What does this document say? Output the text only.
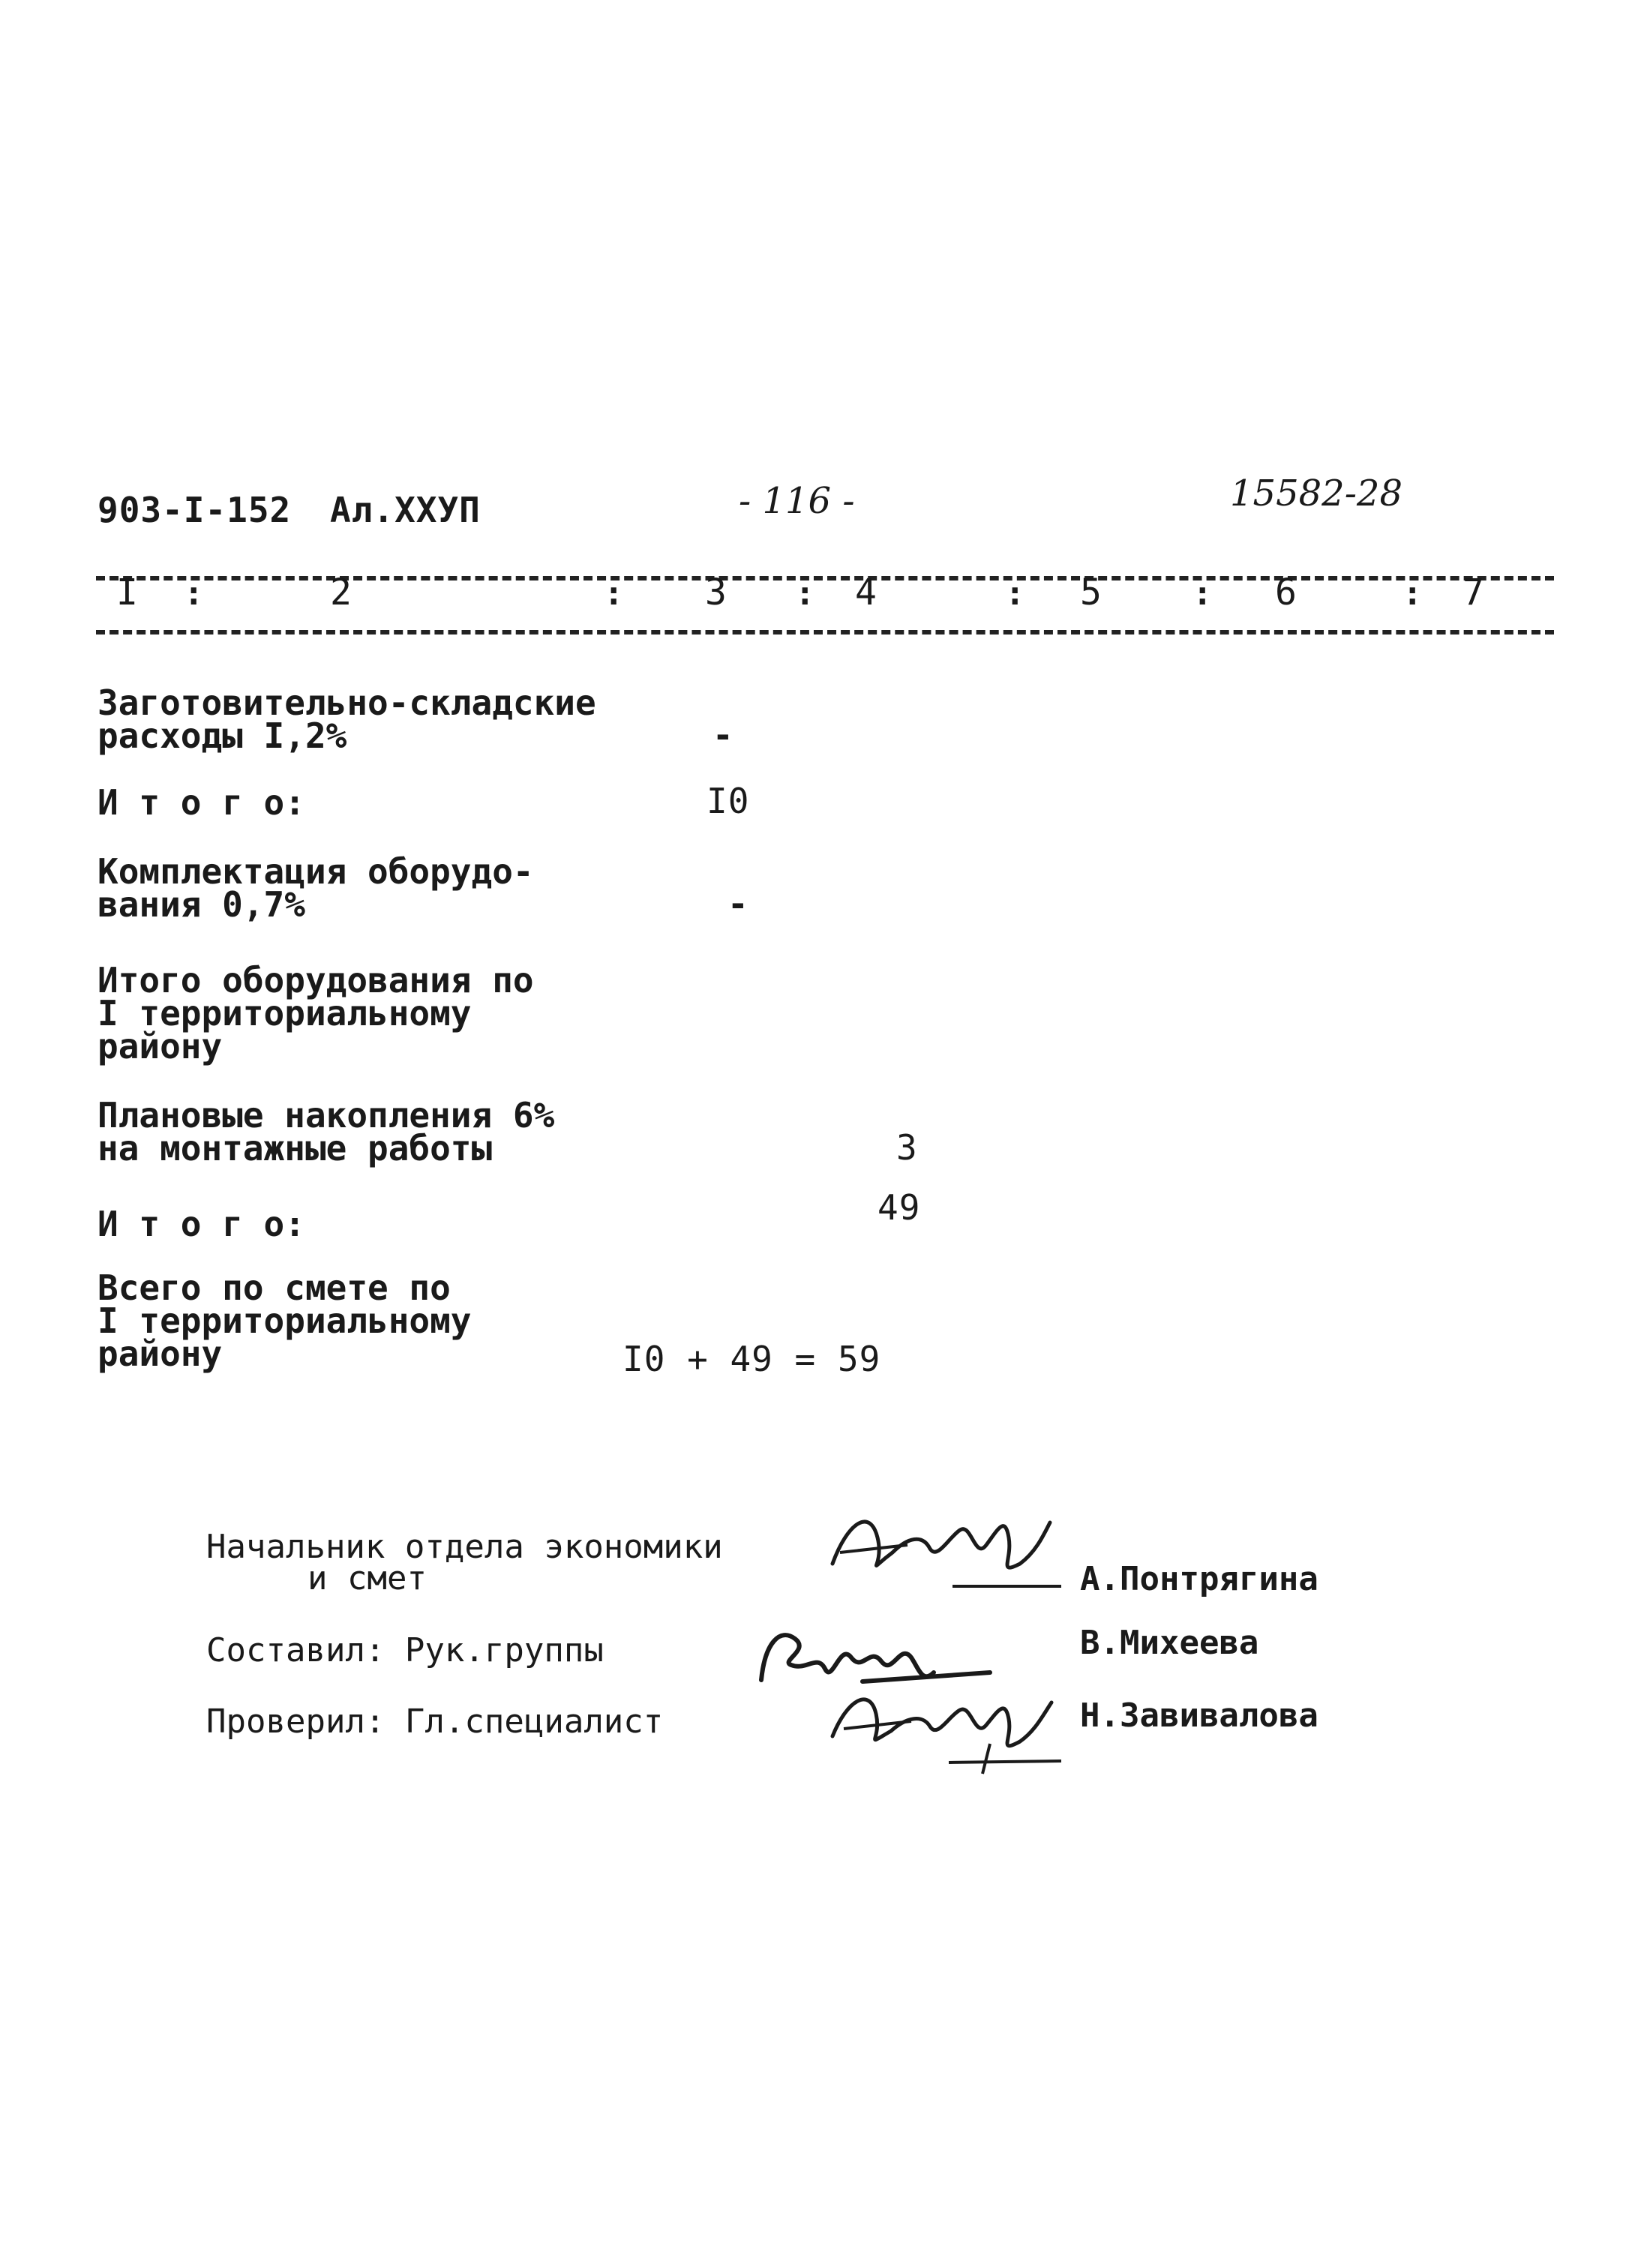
903-I-152 Ал.XXУП	- 116 -	15582-28
I :	2	: 3 : 4	: 5	: 6	: 7
Заготовительно-складские
расходы I,2%	-
И т о г о:	I0
Комплектация оборудо-
вания 0,7%	-
Итого оборудования по
I территориальному
району
Плановые накопления 6%
на монтажные работы	3
И т о г о:	49
Всего по смете по
I территориальному
району	I0 + 49 = 59
Начальник отдела экономики
и смет	А.Понтрягина
Составил: Рук.группы	В.Михеева
Проверил: Гл.специалист	Н.Завивалова
